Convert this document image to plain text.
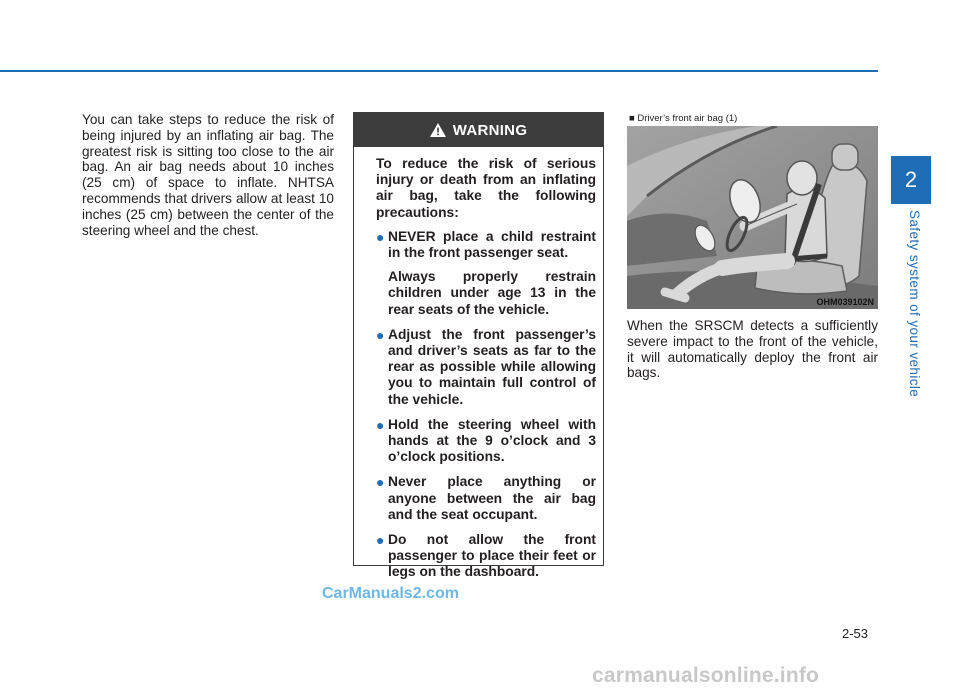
You can take steps to reduce the risk of being injured by an inflating air bag. The greatest risk is sitting too close to the air bag. An air bag needs about 10 inches (25 cm) of space to inflate. NHTSA recommends that drivers allow at least 10 inches (25 cm) between the center of the steering wheel and the chest.

WARNING

To reduce the risk of serious injury or death from an inflating air bag, take the following precautions:

● NEVER place a child restraint in the front passenger seat.
Always properly restrain children under age 13 in the rear seats of the vehicle.
● Adjust the front passenger’s and driver’s seats as far to the rear as possible while allowing you to maintain full control of the vehicle.
● Hold the steering wheel with hands at the 9 o’clock and 3 o’clock positions.
● Never place anything or anyone between the air bag and the seat occupant.
● Do not allow the front passenger to place their feet or legs on the dashboard.
■ Driver’s front air bag (1)
OHM039102N

When the SRSCM detects a sufficiently severe impact to the front of the vehicle, it will automatically deploy the front air bags.

2
Safety system of your vehicle
2-53
CarManuals2.com
carmanualsonline.info
